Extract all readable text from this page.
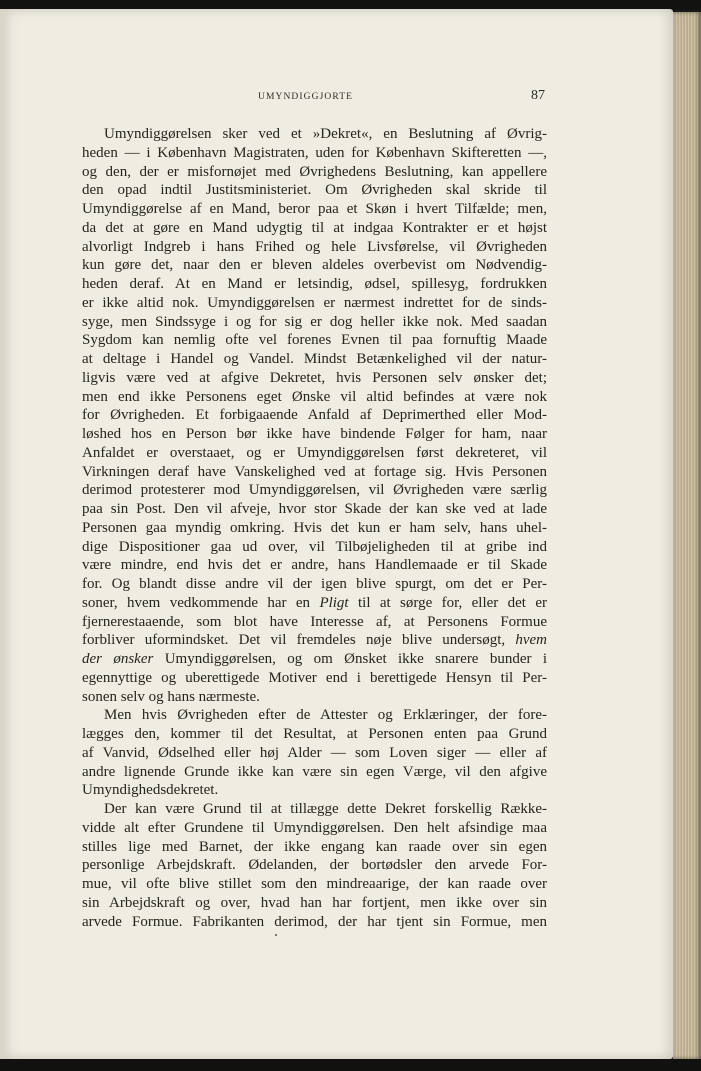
UMYNDIGGJORTE	87
Umyndiggørelsen sker ved et »Dekret«, en Beslutning af Øvrig-
heden — i København Magistraten, uden for København Skifteretten —,
og den, der er misfornøjet med Øvrighedens Beslutning, kan appellere
den opad indtil Justitsministeriet. Om Øvrigheden skal skride til
Umyndiggørelse af en Mand, beror paa et Skøn i hvert Tilfælde; men,
da det at gøre en Mand udygtig til at indgaa Kontrakter er et højst
alvorligt Indgreb i hans Frihed og hele Livsførelse, vil Øvrigheden
kun gøre det, naar den er bleven aldeles overbevist om Nødvendig-
heden deraf. At en Mand er letsindig, ødsel, spillesyg, fordrukken
er ikke altid nok. Umyndiggørelsen er nærmest indrettet for de sinds-
syge, men Sindssyge i og for sig er dog heller ikke nok. Med saadan
Sygdom kan nemlig ofte vel forenes Evnen til paa fornuftig Maade
at deltage i Handel og Vandel. Mindst Betænkelighed vil der natur-
ligvis være ved at afgive Dekretet, hvis Personen selv ønsker det;
men end ikke Personens eget Ønske vil altid befindes at være nok
for Øvrigheden. Et forbigaaende Anfald af Deprimerthed eller Mod-
løshed hos en Person bør ikke have bindende Følger for ham, naar
Anfaldet er overstaaet, og er Umyndiggørelsen først dekreteret, vil
Virkningen deraf have Vanskelighed ved at fortage sig. Hvis Personen
derimod protesterer mod Umyndiggørelsen, vil Øvrigheden være særlig
paa sin Post. Den vil afveje, hvor stor Skade der kan ske ved at lade
Personen gaa myndig omkring. Hvis det kun er ham selv, hans uhel-
dige Dispositioner gaa ud over, vil Tilbøjeligheden til at gribe ind
være mindre, end hvis det er andre, hans Handlemaade er til Skade
for. Og blandt disse andre vil der igen blive spurgt, om det er Per-
soner, hvem vedkommende har en Pligt til at sørge for, eller det er
fjernerestaaende, som blot have Interesse af, at Personens Formue
forbliver uformindsket. Det vil fremdeles nøje blive undersøgt, hvem
der ønsker Umyndiggørelsen, og om Ønsket ikke snarere bunder i
egennyttige og uberettigede Motiver end i berettigede Hensyn til Per-
sonen selv og hans nærmeste.
Men hvis Øvrigheden efter de Attester og Erklæringer, der fore-
lægges den, kommer til det Resultat, at Personen enten paa Grund
af Vanvid, Ødselhed eller høj Alder — som Loven siger — eller af
andre lignende Grunde ikke kan være sin egen Værge, vil den afgive
Umyndighedsdekretet.
Der kan være Grund til at tillægge dette Dekret forskellig Række-
vidde alt efter Grundene til Umyndiggørelsen. Den helt afsindige maa
stilles lige med Barnet, der ikke engang kan raade over sin egen
personlige Arbejdskraft. Ødelanden, der bortødsler den arvede For-
mue, vil ofte blive stillet som den mindreaarige, der kan raade over
sin Arbejdskraft og over, hvad han har fortjent, men ikke over sin
arvede Formue. Fabrikanten derimod, der har tjent sin Formue, men
